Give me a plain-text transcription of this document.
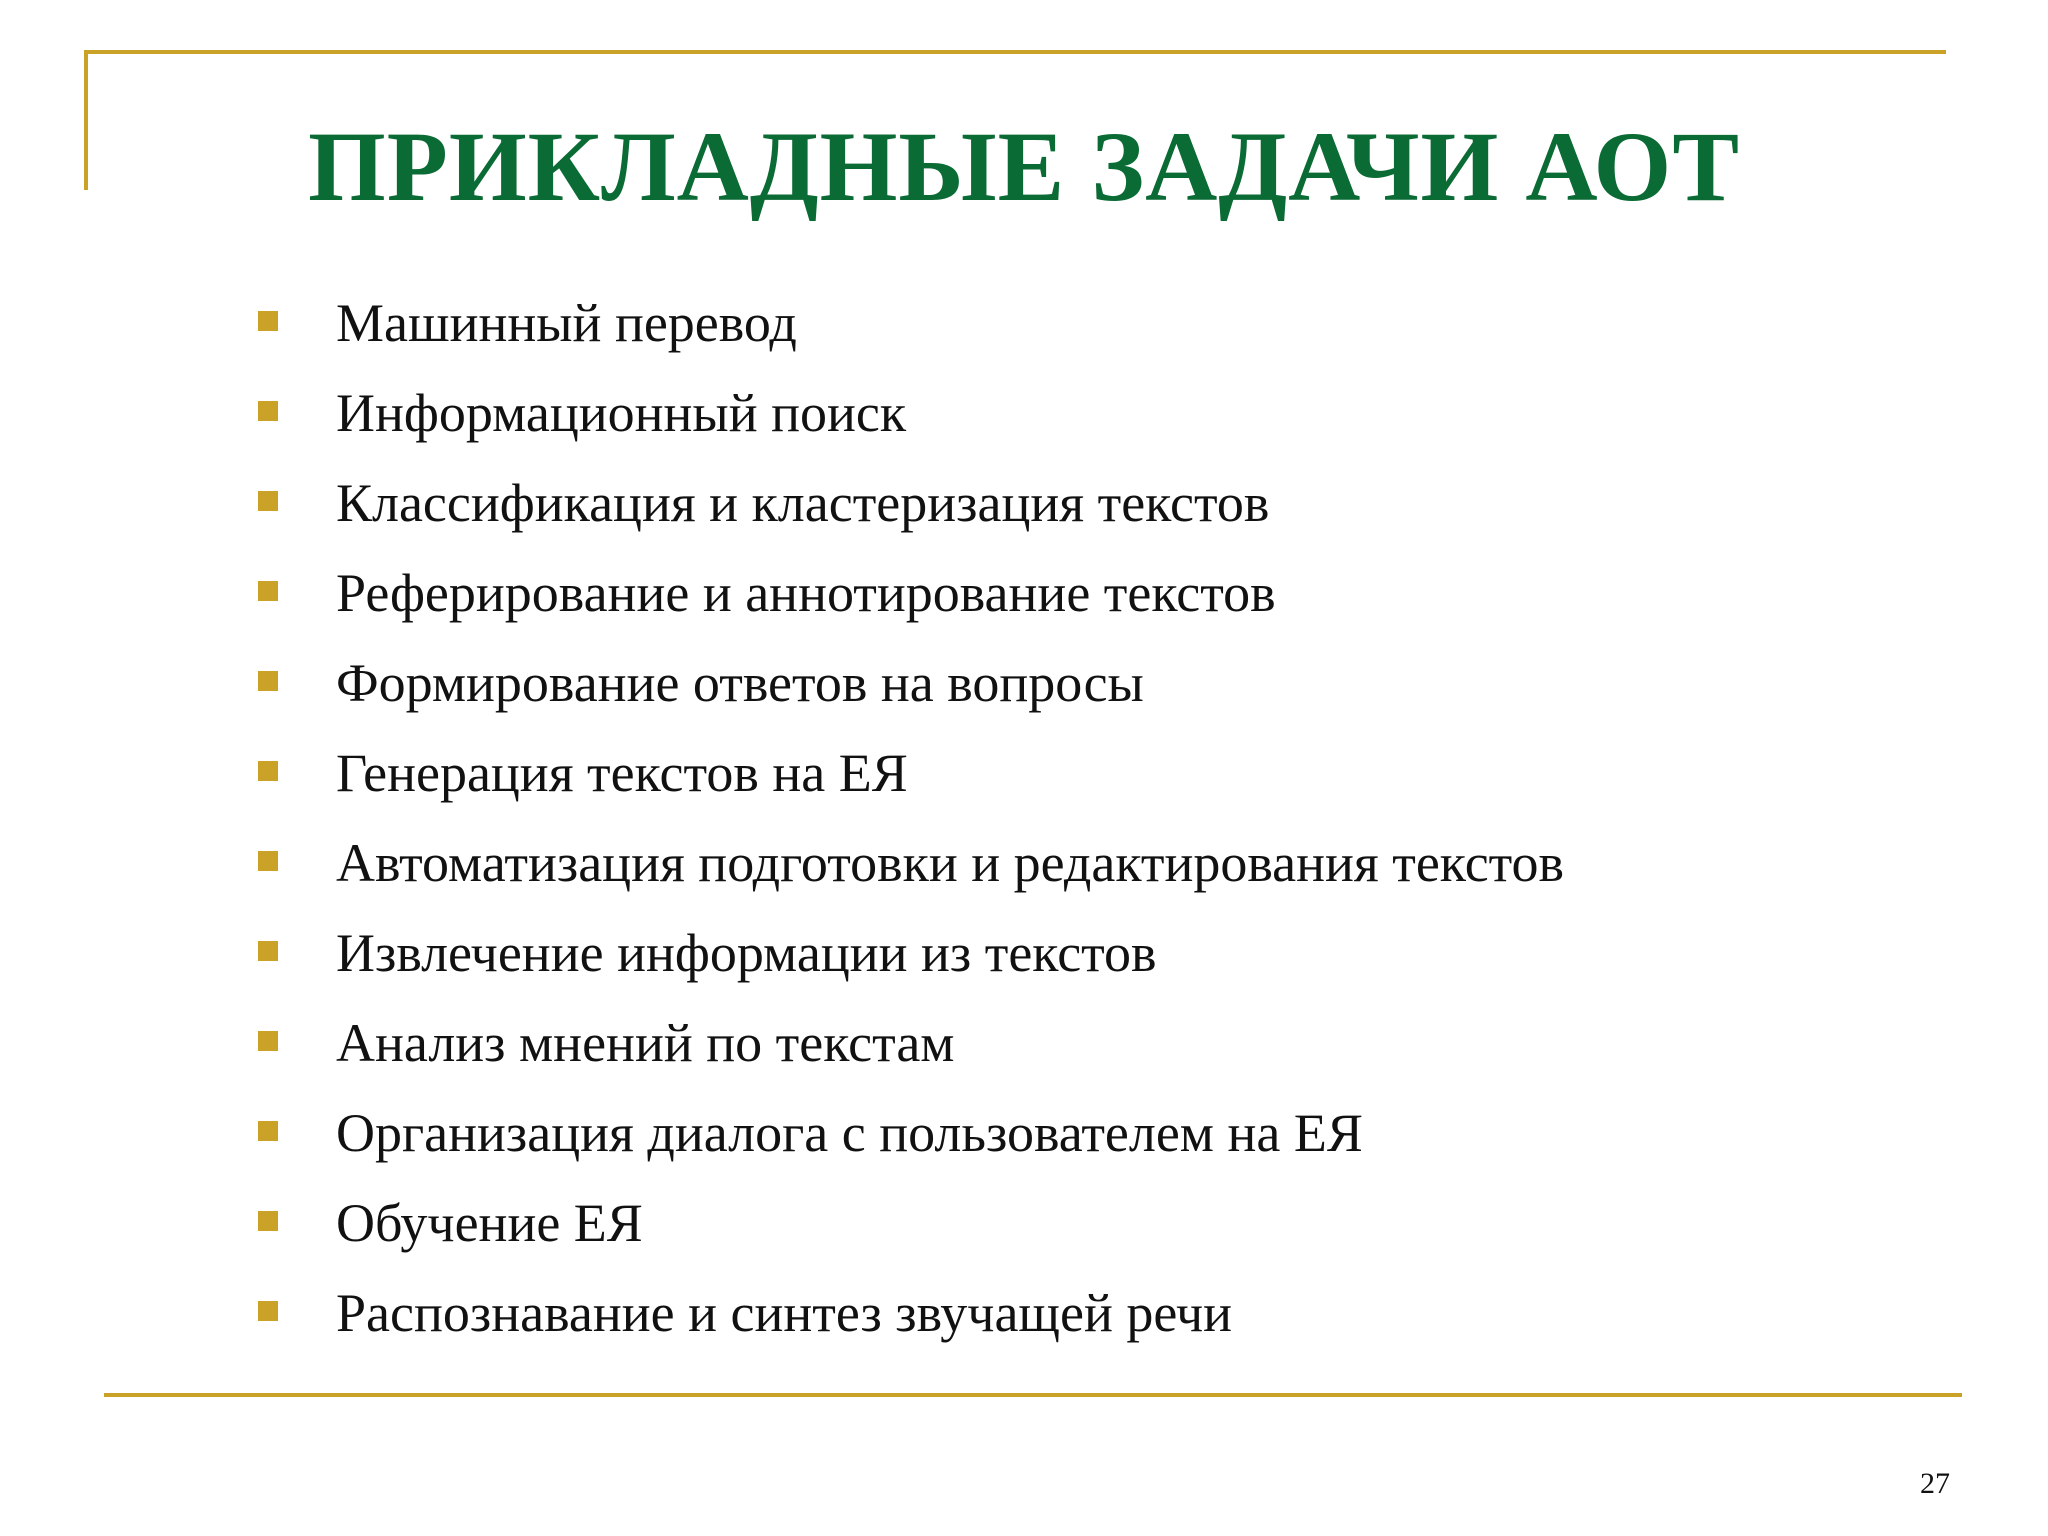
ПРИКЛАДНЫЕ ЗАДАЧИ АОТ
Машинный перевод
Информационный поиск
Классификация и кластеризация текстов
Реферирование и аннотирование текстов
Формирование ответов на вопросы
Генерация текстов на ЕЯ
Автоматизация подготовки и редактирования текстов
Извлечение информации из текстов
Анализ мнений по текстам
Организация диалога с пользователем на ЕЯ
Обучение ЕЯ
Распознавание и синтез звучащей речи
27
